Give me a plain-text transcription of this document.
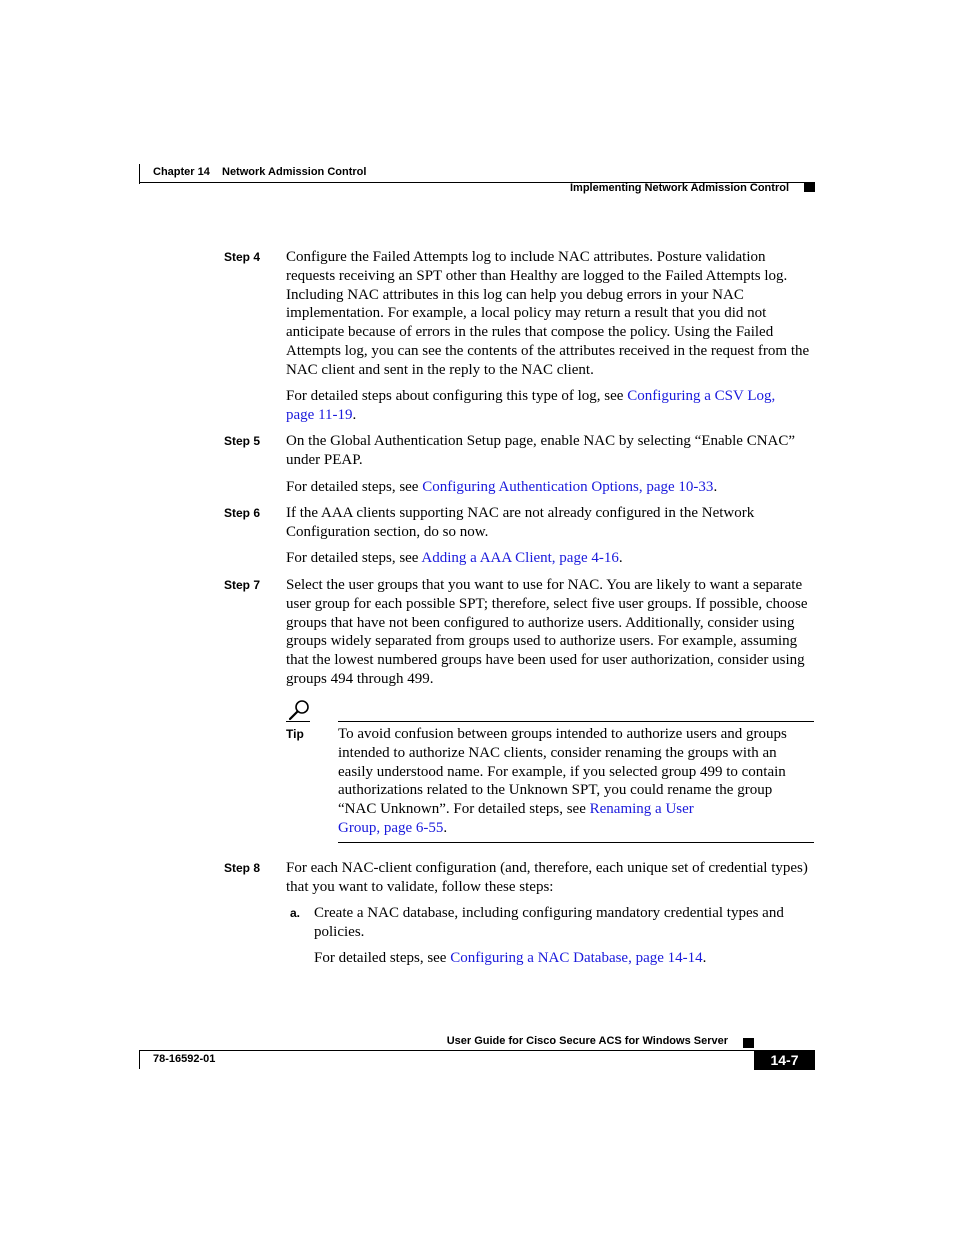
Chapter 14 Network Admission Control
Implementing Network Admission Control
Step 4 Configure the Failed Attempts log to include NAC attributes. Posture validation requests receiving an SPT other than Healthy are logged to the Failed Attempts log. Including NAC attributes in this log can help you debug errors in your NAC implementation. For example, a local policy may return a result that you did not anticipate because of errors in the rules that compose the policy. Using the Failed Attempts log, you can see the contents of the attributes received in the request from the NAC client and sent in the reply to the NAC client.
For detailed steps about configuring this type of log, see Configuring a CSV Log,
page 11-19.
Step 5 On the Global Authentication Setup page, enable NAC by selecting “Enable CNAC” under PEAP.
For detailed steps, see Configuring Authentication Options, page 10-33.
Step 6 If the AAA clients supporting NAC are not already configured in the Network Configuration section, do so now.
For detailed steps, see Adding a AAA Client, page 4-16.
Step 7 Select the user groups that you want to use for NAC. You are likely to want a separate user group for each possible SPT; therefore, select five user groups. If possible, choose groups that have not been configured to authorize users. Additionally, consider using groups widely separated from groups used to authorize users. For example, assuming that the lowest numbered groups have been used for user authorization, consider using groups 494 through 499.
Tip To avoid confusion between groups intended to authorize users and groups intended to authorize NAC clients, consider renaming the groups with an easily understood name. For example, if you selected group 499 to contain authorizations related to the Unknown SPT, you could rename the group “NAC Unknown”. For detailed steps, see Renaming a User
Group, page 6-55.
Step 8 For each NAC-client configuration (and, therefore, each unique set of credential types) that you want to validate, follow these steps:
a. Create a NAC database, including configuring mandatory credential types and policies.
For detailed steps, see Configuring a NAC Database, page 14-14.
User Guide for Cisco Secure ACS for Windows Server
78-16592-01	14-7
